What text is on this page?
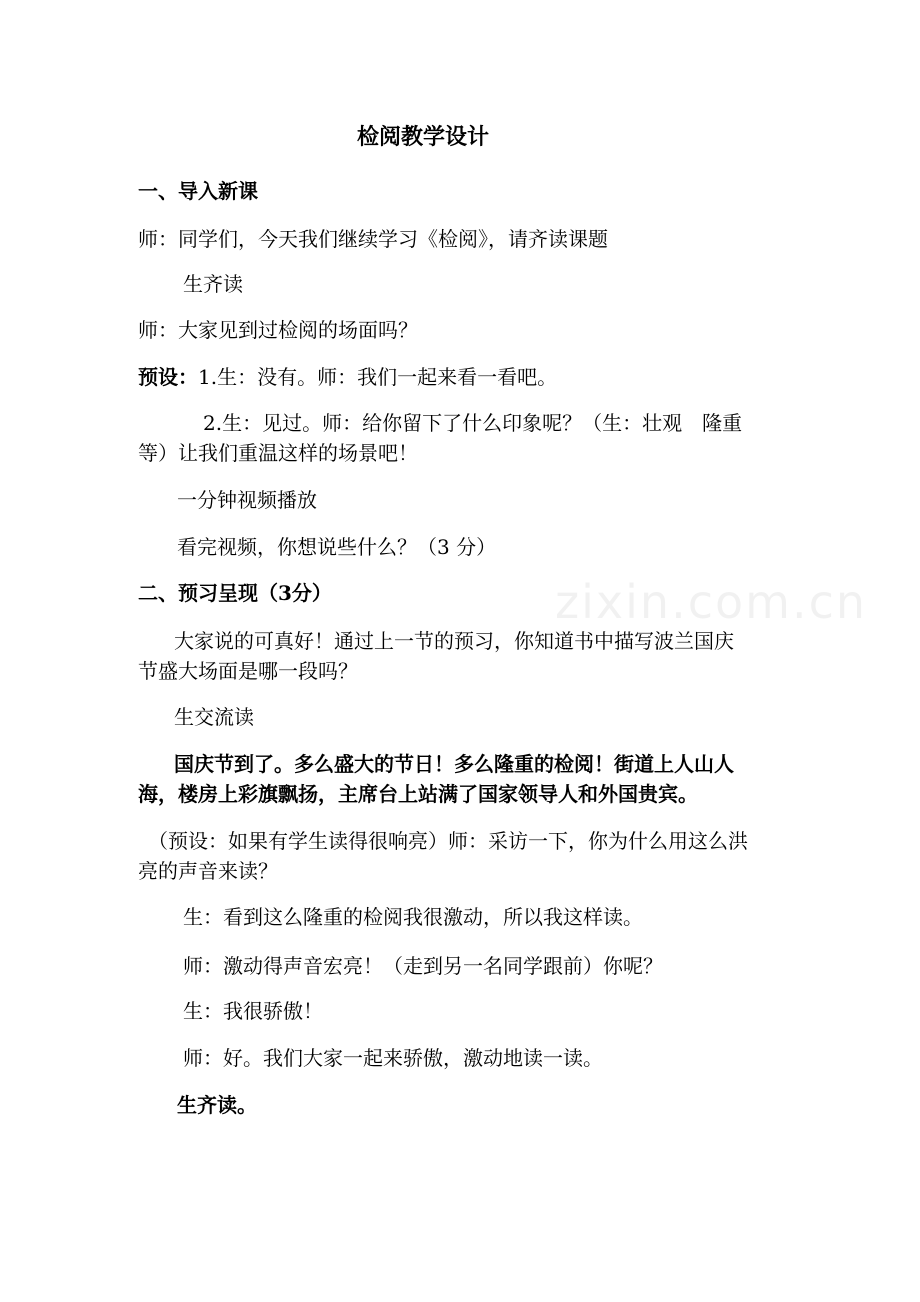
zixin.com.cn
检阅教学设计
一、导入新课
师：同学们，今天我们继续学习《检阅》，请齐读课题
生齐读
师：大家见到过检阅的场面吗？
预设：1.生：没有。师：我们一起来看一看吧。
2.生：见过。师：给你留下了什么印象呢？（生：壮观　隆重
等）让我们重温这样的场景吧！
一分钟视频播放
看完视频，你想说些什么？（3 分）
二、预习呈现（3分）
大家说的可真好！通过上一节的预习，你知道书中描写波兰国庆
节盛大场面是哪一段吗？
生交流读
国庆节到了。多么盛大的节日！多么隆重的检阅！街道上人山人
海，楼房上彩旗飘扬，主席台上站满了国家领导人和外国贵宾。
（预设：如果有学生读得很响亮）师：采访一下，你为什么用这么洪
亮的声音来读？
生：看到这么隆重的检阅我很激动，所以我这样读。
师：激动得声音宏亮！（走到另一名同学跟前）你呢？
生：我很骄傲！
师：好。我们大家一起来骄傲，激动地读一读。
生齐读。
